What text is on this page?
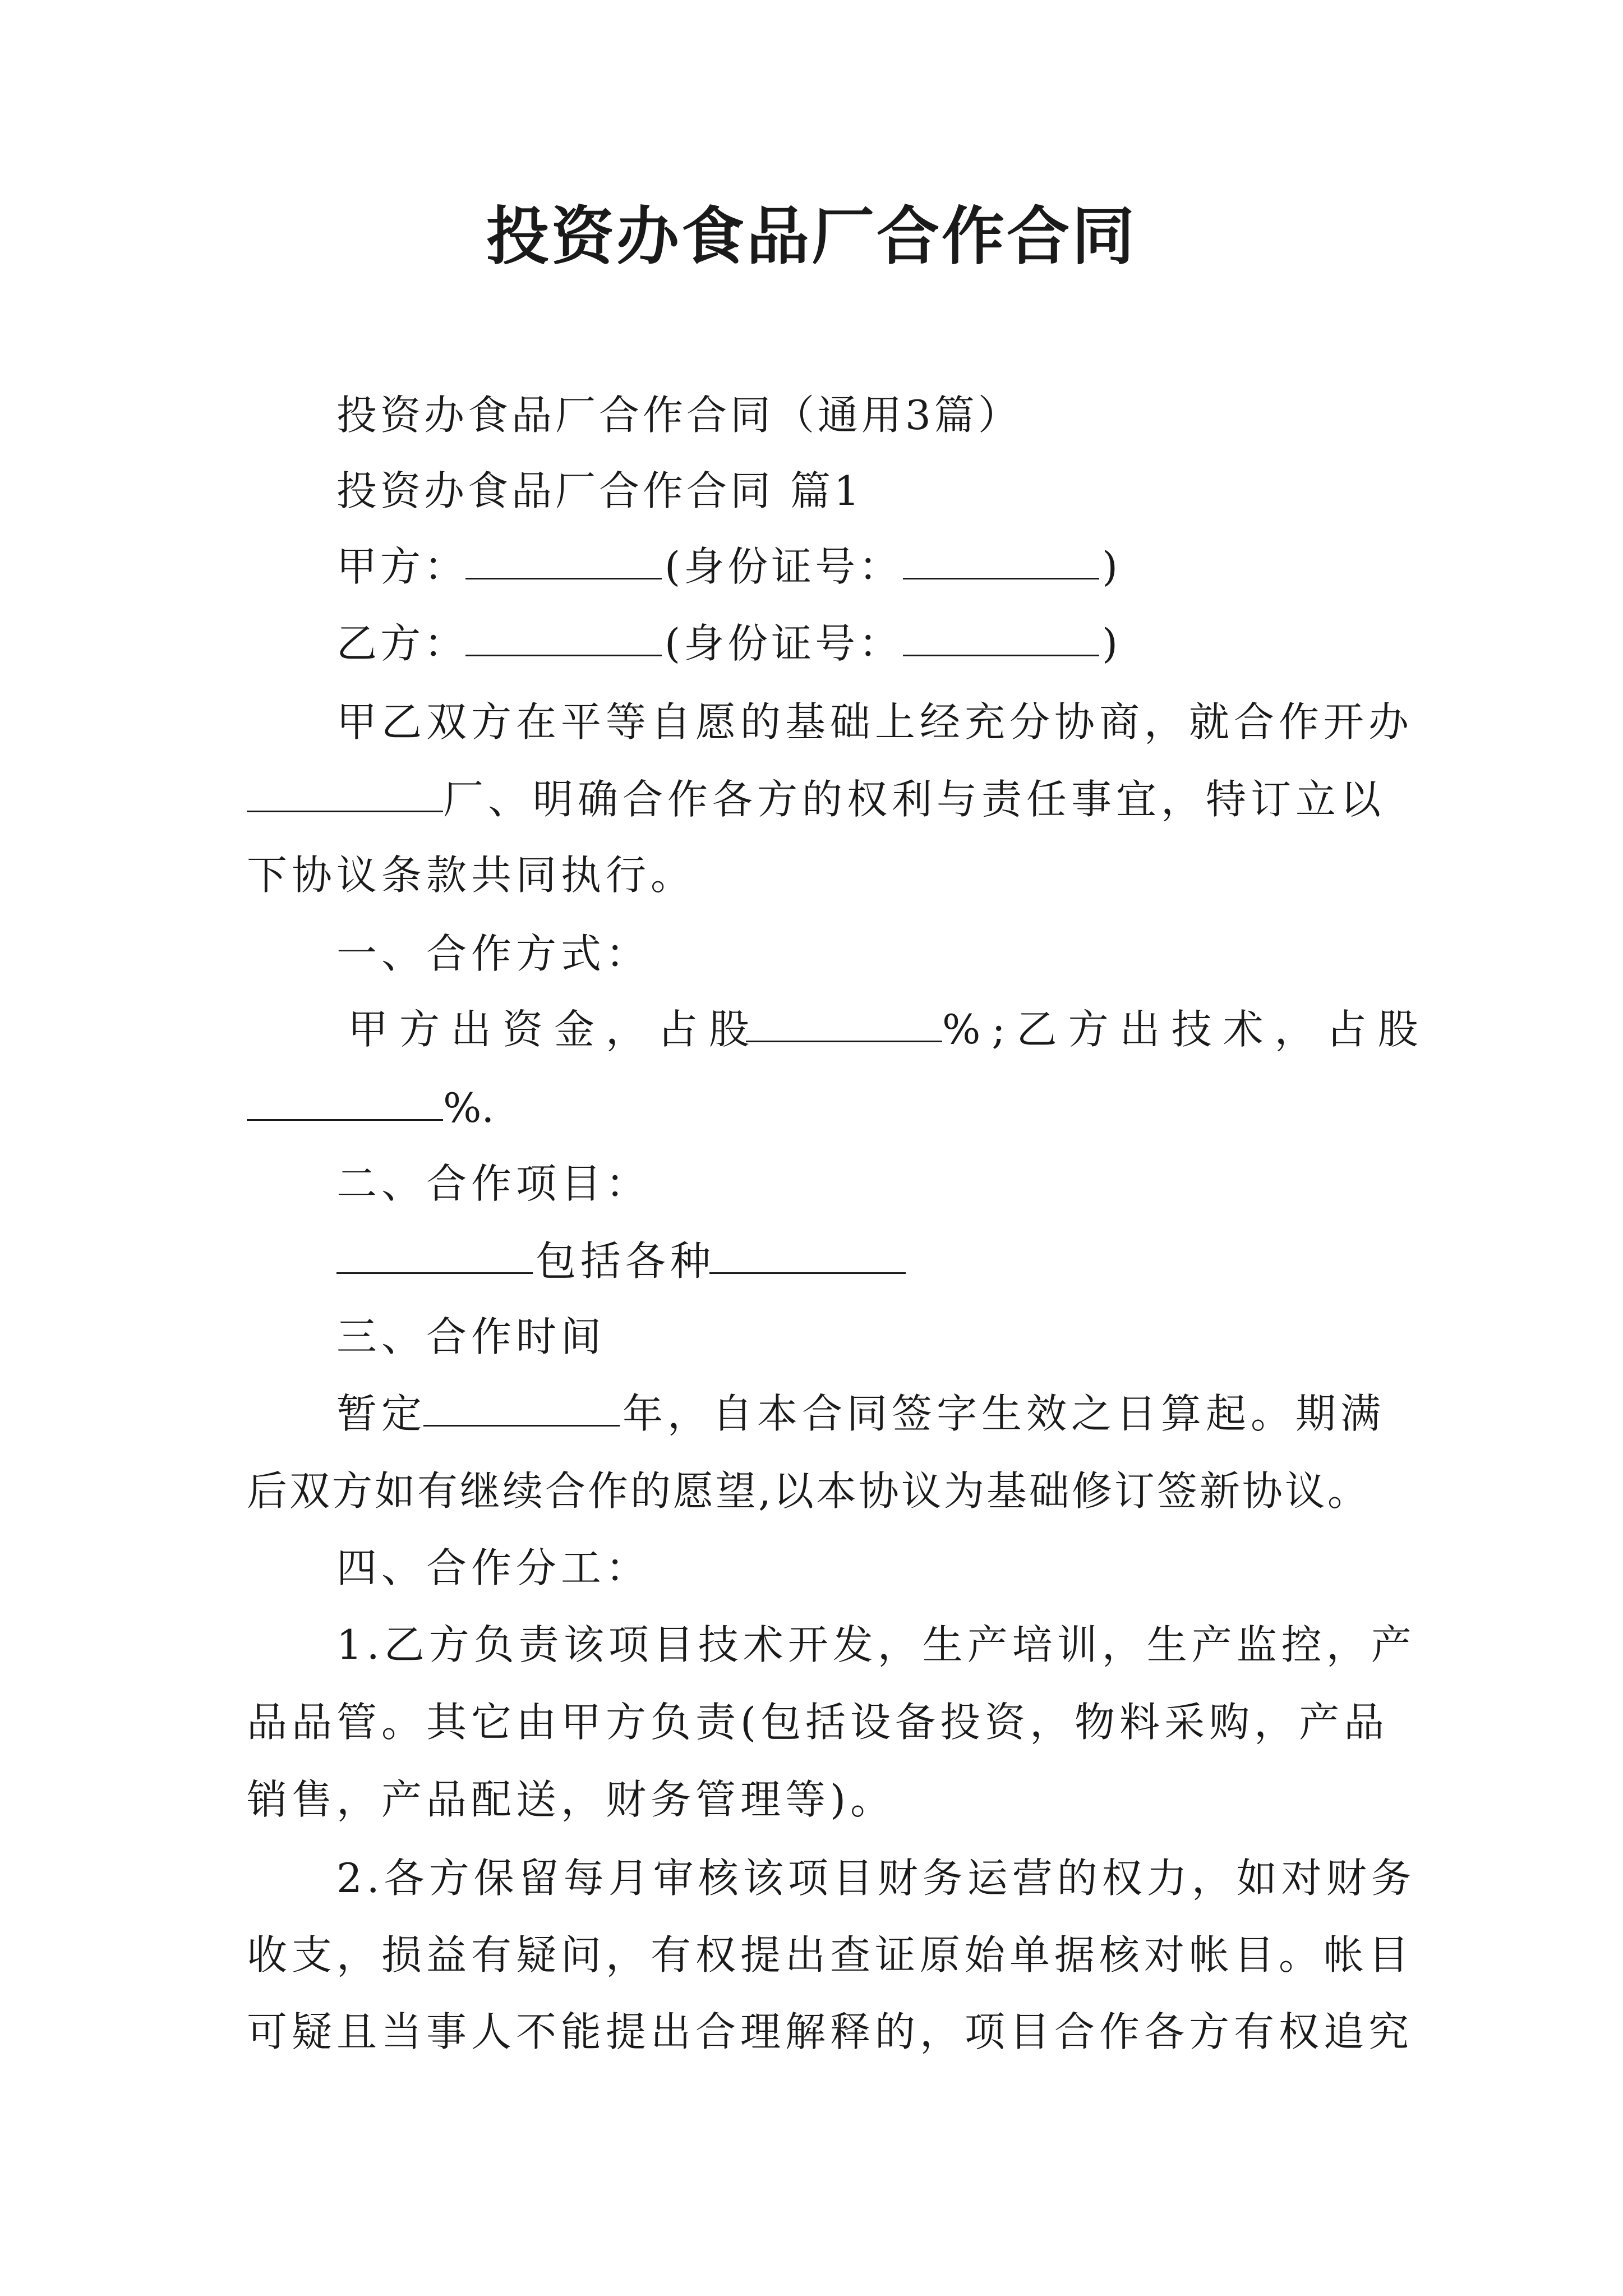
投资办食品厂合作合同
投资办食品厂合作合同（通用3篇）
投资办食品厂合作合同 篇1
甲方：	(身份证号：	)
乙方：	(身份证号：	)
甲乙双方在平等自愿的基础上经充分协商，就合作开办
厂、明确合作各方的权利与责任事宜，特订立以
下协议条款共同执行。
一、合作方式：
甲方出资金，占股	%;乙方出技术，占股
%.
二、合作项目：
包括各种
三、合作时间
暂定	年，自本合同签字生效之日算起。期满
后双方如有继续合作的愿望,以本协议为基础修订签新协议。
四、合作分工：
1.乙方负责该项目技术开发，生产培训，生产监控，产
品品管。其它由甲方负责(包括设备投资，物料采购，产品
销售，产品配送，财务管理等)。
2.各方保留每月审核该项目财务运营的权力，如对财务
收支，损益有疑问，有权提出查证原始单据核对帐目。帐目
可疑且当事人不能提出合理解释的，项目合作各方有权追究
